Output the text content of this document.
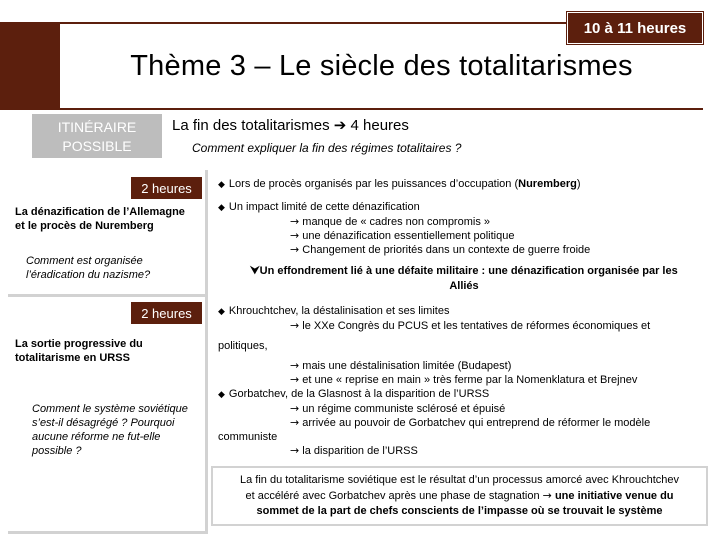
Thème 3 – Le siècle des totalitarismes
10 à 11 heures
ITINÉRAIRE
POSSIBLE
La fin des totalitarismes ➔ 4 heures
Comment expliquer la fin des régimes totalitaires ?
2 heures
La dénazification de l’Allemagne
et le procès de Nuremberg
Comment est organisée
l’éradication du nazisme?
2 heures
La sortie progressive du
totalitarisme en URSS
Comment le système soviétique
s’est-il désagrégé ? Pourquoi
aucune réforme ne fut-elle
possible ?
◆ Lors de procès organisés par les puissances d’occupation (Nuremberg)
◆ Un impact limité de cette dénazification
→ manque de « cadres non compromis »
→ une dénazification essentiellement politique
→ Changement de priorités dans un contexte de guerre froide
⮟Un effondrement lié à une défaite militaire : une dénazification organisée par les
Alliés
◆ Khrouchtchev, la déstalinisation et ses limites
→ le XXe Congrès du PCUS et les tentatives de réformes économiques et
politiques,
→ mais une déstalinisation limitée (Budapest)
→ et une « reprise en main » très ferme par la Nomenklatura et Brejnev
◆ Gorbatchev, de la Glasnost à la disparition de l’URSS
→ un régime communiste sclérosé et épuisé
→ arrivée au pouvoir de Gorbatchev qui entreprend de réformer le modèle
communiste
→ la disparition de l’URSS
La fin du totalitarisme soviétique est le résultat d’un processus amorcé avec Khrouchtchev
et accéléré avec Gorbatchev après une phase de stagnation → une initiative venue du
sommet de la part de chefs conscients de l’impasse où se trouvait le système
